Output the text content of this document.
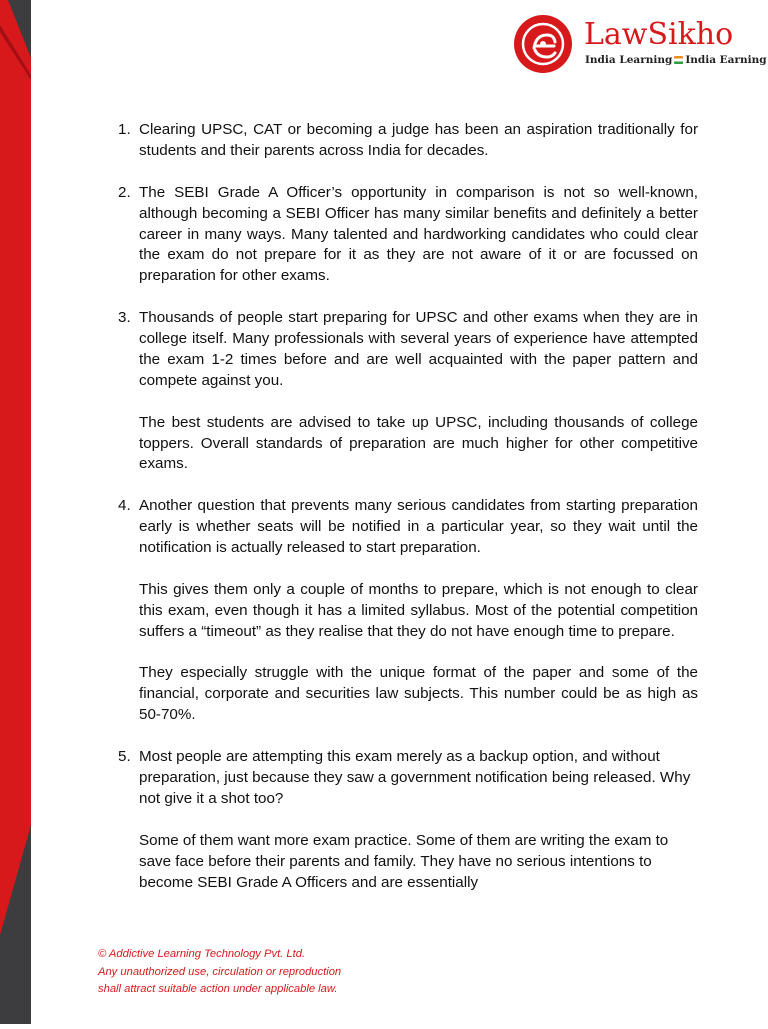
LawSikho
India Learning India Earning
1. Clearing UPSC, CAT or becoming a judge has been an aspiration traditionally for students and their parents across India for decades.

2. The SEBI Grade A Officer’s opportunity in comparison is not so well-known, although becoming a SEBI Officer has many similar benefits and definitely a better career in many ways. Many talented and hardworking candidates who could clear the exam do not prepare for it as they are not aware of it or are focussed on preparation for other exams.

3. Thousands of people start preparing for UPSC and other exams when they are in college itself. Many professionals with several years of experience have attempted the exam 1-2 times before and are well acquainted with the paper pattern and compete against you.

The best students are advised to take up UPSC, including thousands of college toppers. Overall standards of preparation are much higher for other competitive exams.

4. Another question that prevents many serious candidates from starting preparation early is whether seats will be notified in a particular year, so they wait until the notification is actually released to start preparation.

This gives them only a couple of months to prepare, which is not enough to clear this exam, even though it has a limited syllabus. Most of the potential competition suffers a “timeout” as they realise that they do not have enough time to prepare.

They especially struggle with the unique format of the paper and some of the financial, corporate and securities law subjects. This number could be as high as 50-70%.

5. Most people are attempting this exam merely as a backup option, and without preparation, just because they saw a government notification being released. Why not give it a shot too?

Some of them want more exam practice. Some of them are writing the exam to save face before their parents and family. They have no serious intentions to become SEBI Grade A Officers and are essentially

© Addictive Learning Technology Pvt. Ltd.
Any unauthorized use, circulation or reproduction
shall attract suitable action under applicable law.
